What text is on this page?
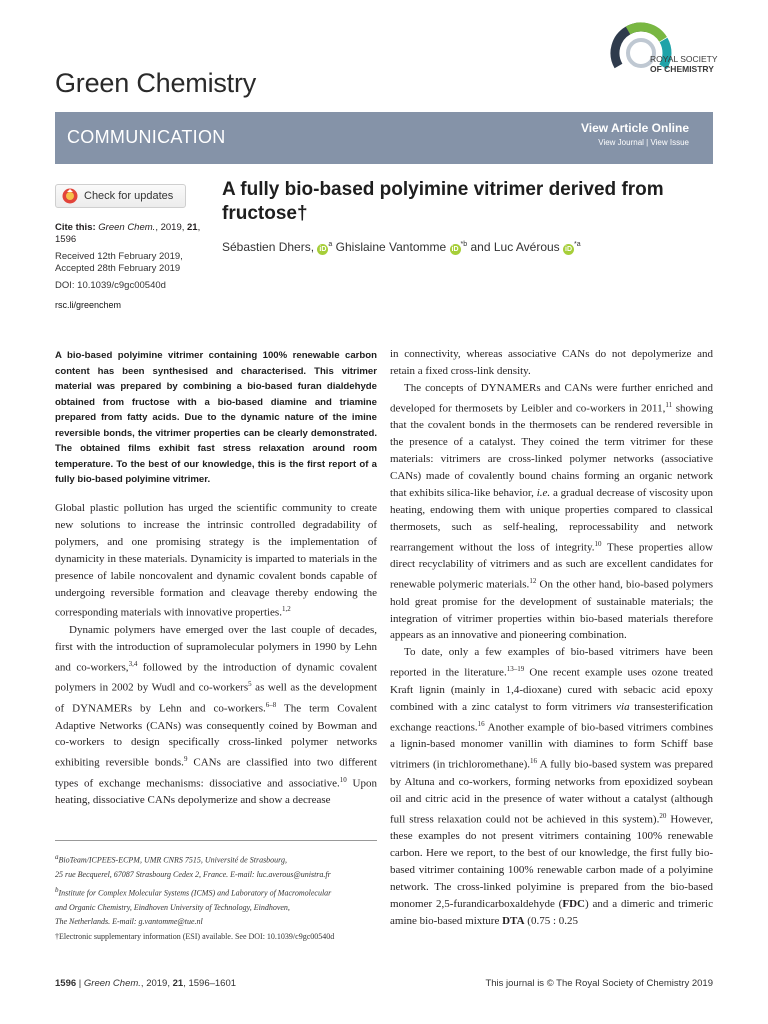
Green Chemistry
ROYAL SOCIETY
OF CHEMISTRY
COMMUNICATION	View Article Online
View Journal | View Issue
Check for updates
Cite this: Green Chem., 2019, 21, 1596
Received 12th February 2019,
Accepted 28th February 2019
DOI: 10.1039/c9gc00540d
rsc.li/greenchem
A fully bio-based polyimine vitrimer derived from fructose†
Sébastien Dhers, $iD^a$ Ghislaine Vantomme $iD^{*b}$ and Luc Avérous $iD^{*a}$
A bio-based polyimine vitrimer containing 100% renewable carbon content has been synthesised and characterised. This vitrimer material was prepared by combining a bio-based furan dialdehyde obtained from fructose with a bio-based diamine and triamine prepared from fatty acids. Due to the dynamic nature of the imine reversible bonds, the vitrimer properties can be clearly demonstrated. The obtained films exhibit fast stress relaxation around room temperature. To the best of our knowledge, this is the first report of a fully bio-based polyimine vitrimer.

Global plastic pollution has urged the scientific community to create new solutions to increase the intrinsic controlled degradability of polymers, and one promising strategy is the implementation of dynamicity in these materials. Dynamicity is imparted to materials in the presence of labile noncovalent and dynamic covalent bonds capable of undergoing reversible formation and cleavage thereby endowing the corresponding materials with innovative properties.$^{1,2}$

Dynamic polymers have emerged over the last couple of decades, first with the introduction of supramolecular polymers in 1990 by Lehn and co-workers,$^{3,4}$ followed by the introduction of dynamic covalent polymers in 2002 by Wudl and co-workers$^5$ as well as the development of DYNAMERs by Lehn and co-workers.$^{6-8}$ The term Covalent Adaptive Networks (CANs) was consequently coined by Bowman and co-workers to design specifically cross-linked polymer networks exhibiting reversible bonds.$^9$ CANs are classified into two different types of exchange mechanisms: dissociative and associative.$^{10}$ Upon heating, dissociative CANs depolymerize and show a decrease

in connectivity, whereas associative CANs do not depolymerize and retain a fixed cross-link density.

The concepts of DYNAMERs and CANs were further enriched and developed for thermosets by Leibler and co-workers in 2011,11 showing that the covalent bonds in the thermosets can be rendered reversible in the presence of a catalyst. They coined the term vitrimer for these materials: vitrimers are cross-linked polymer networks (associative CANs) made of covalently bound chains forming an organic network that exhibits silica-like behavior, i.e. a gradual decrease of viscosity upon heating, endowing them with unique properties compared to classical thermosets, such as self-healing, reprocessability and network rearrangement without the loss of integrity.$^{10}$ These properties allow direct recyclability of vitrimers and as such are excellent candidates for renewable polymeric materials.$^{12}$ On the other hand, bio-based polymers hold great promise for the development of sustainable materials; the integration of vitrimer properties within bio-based materials therefore appears as an innovative and pioneering combination.

To date, only a few examples of bio-based vitrimers have been reported in the literature.$^{13-19}$ One recent example uses ozone treated Kraft lignin (mainly in 1,4-dioxane) cured with sebacic acid epoxy combined with a zinc catalyst to form vitrimers via transesterification exchange reactions.$^{16}$ Another example of bio-based vitrimers combines a lignin-based monomer vanillin with diamines to form Schiff base vitrimers (in trichloromethane).$^{16}$ A fully bio-based system was prepared by Altuna and co-workers, forming networks from epoxidized soybean oil and citric acid in the presence of water without a catalyst (although full stress relaxation could not be achieved in this system).$^{20}$ However, these examples do not present vitrimers containing 100% renewable carbon. Here we report, to the best of our knowledge, the first fully bio-based vitrimer containing 100% renewable carbon made of a polyimine network. The cross-linked polyimine is prepared from the bio-based monomer 2,5-furandicarboxaldehyde (FDC) and a dimeric and trimeric amine bio-based mixture DTA (0.75 : 0.25

$^a$BioTeam/ICPEES-ECPM, UMR CNRS 7515, Université de Strasbourg,
25 rue Becquerel, 67087 Strasbourg Cedex 2, France. E-mail: luc.averous@unistra.fr
$^b$Institute for Complex Molecular Systems (ICMS) and Laboratory of Macromolecular
and Organic Chemistry, Eindhoven University of Technology, Eindhoven,
The Netherlands. E-mail: g.vantomme@tue.nl
†Electronic supplementary information (ESI) available. See DOI: 10.1039/c9gc00540d
1596 | Green Chem., 2019, 21, 1596–1601	This journal is © The Royal Society of Chemistry 2019
